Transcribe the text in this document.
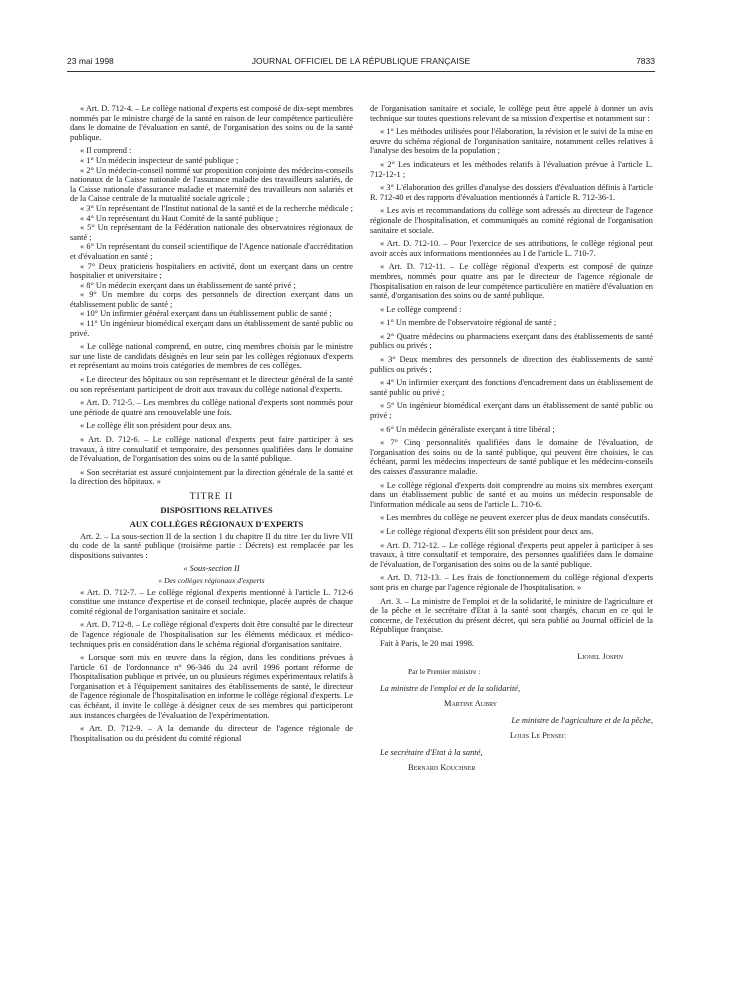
23 mai 1998	JOURNAL OFFICIEL DE LA RÉPUBLIQUE FRANÇAISE	7833

« Art. D. 712-4. – Le collège national d'experts est composé de dix-sept membres nommés par le ministre chargé de la santé en raison de leur compétence particulière dans le domaine de l'évaluation en santé, de l'organisation des soins ou de la santé publique.

« Il comprend :

« 1° Un médecin inspecteur de santé publique ;

« 2° Un médecin-conseil nommé sur proposition conjointe des médecins-conseils nationaux de la Caisse nationale de l'assurance maladie des travailleurs salariés, de la Caisse nationale d'assurance maladie et maternité des travailleurs non salariés et de la Caisse centrale de la mutualité sociale agricole ;

« 3° Un représentant de l'Institut national de la santé et de la recherche médicale ;

« 4° Un représentant du Haut Comité de la santé publique ;

« 5° Un représentant de la Fédération nationale des observatoires régionaux de santé ;

« 6° Un représentant du conseil scientifique de l'Agence nationale d'accréditation et d'évaluation en santé ;

« 7° Deux praticiens hospitaliers en activité, dont un exerçant dans un centre hospitalier et universitaire ;

« 8° Un médecin exerçant dans un établissement de santé privé ;

« 9° Un membre du corps des personnels de direction exerçant dans un établissement public de santé ;

« 10° Un infirmier général exerçant dans un établissement public de santé ;

« 11° Un ingénieur biomédical exerçant dans un établissement de santé public ou privé.

« Le collège national comprend, en outre, cinq membres choisis par le ministre sur une liste de candidats désignés en leur sein par les collèges régionaux d'experts et représentant au moins trois catégories de membres de ces collèges.

« Le directeur des hôpitaux ou son représentant et le directeur général de la santé ou son représentant participent de droit aux travaux du collège national d'experts.

« Art. D. 712-5. – Les membres du collège national d'experts sont nommés pour une période de quatre ans renouvelable une fois.

« Le collège élit son président pour deux ans.

« Art. D. 712-6. – Le collège national d'experts peut faire participer à ses travaux, à titre consultatif et temporaire, des personnes qualifiées dans le domaine de l'évaluation, de l'organisation des soins ou de la santé publique.

« Son secrétariat est assuré conjointement par la direction générale de la santé et la direction des hôpitaux. »

TITRE II

DISPOSITIONS RELATIVES

AUX COLLÈGES RÉGIONAUX D'EXPERTS

Art. 2. – La sous-section II de la section 1 du chapitre II du titre 1er du livre VII du code de la santé publique (troisième partie : Décrets) est remplacée par les dispositions suivantes :

« Sous-section II
« Des collèges régionaux d'experts

« Art. D. 712-7. – Le collège régional d'experts mentionné à l'article L. 712-6 constitue une instance d'expertise et de conseil technique, placée auprès de chaque comité régional de l'organisation sanitaire et sociale.

« Art. D. 712-8. – Le collège régional d'experts doit être consulté par le directeur de l'agence régionale de l'hospitalisation sur les éléments médicaux et médico-techniques pris en considération dans le schéma régional d'organisation sanitaire.

« Lorsque sont mis en œuvre dans la région, dans les conditions prévues à l'article 61 de l'ordonnance n° 96-346 du 24 avril 1996 portant réforme de l'hospitalisation publique et privée, un ou plusieurs régimes expérimentaux relatifs à l'organisation et à l'équipement sanitaires des établissements de santé, le directeur de l'agence régionale de l'hospitalisation en informe le collège régional d'experts. Le cas échéant, il invite le collège à désigner ceux de ses membres qui participeront aux instances chargées de l'évaluation de l'expérimentation.

« Art. D. 712-9. – A la demande du directeur de l'agence régionale de l'hospitalisation ou du président du comité régional

de l'organisation sanitaire et sociale, le collège peut être appelé à donner un avis technique sur toutes questions relevant de sa mission d'expertise et notamment sur :

« 1° Les méthodes utilisées pour l'élaboration, la révision et le suivi de la mise en œuvre du schéma régional de l'organisation sanitaire, notamment celles relatives à l'analyse des besoins de la population ;

« 2° Les indicateurs et les méthodes relatifs à l'évaluation prévue à l'article L. 712-12-1 ;

« 3° L'élaboration des grilles d'analyse des dossiers d'évaluation définis à l'article R. 712-40 et des rapports d'évaluation mentionnés à l'article R. 712-36-1.

« Les avis et recommandations du collège sont adressés au directeur de l'agence régionale de l'hospitalisation, et communiqués au comité régional de l'organisation sanitaire et sociale.

« Art. D. 712-10. – Pour l'exercice de ses attributions, le collège régional peut avoir accès aux informations mentionnées au I de l'article L. 710-7.

« Art. D. 712-11. – Le collège régional d'experts est composé de quinze membres, nommés pour quatre ans par le directeur de l'agence régionale de l'hospitalisation en raison de leur compétence particulière en matière d'évaluation en santé, d'organisation des soins ou de santé publique.

« Le collège comprend :

« 1° Un membre de l'observatoire régional de santé ;

« 2° Quatre médecins ou pharmaciens exerçant dans des établissements de santé publics ou privés ;

« 3° Deux membres des personnels de direction des établissements de santé publics ou privés ;

« 4° Un infirmier exerçant des fonctions d'encadrement dans un établissement de santé public ou privé ;

« 5° Un ingénieur biomédical exerçant dans un établissement de santé public ou privé ;

« 6° Un médecin généraliste exerçant à titre libéral ;

« 7° Cinq personnalités qualifiées dans le domaine de l'évaluation, de l'organisation des soins ou de la santé publique, qui peuvent être choisies, le cas échéant, parmi les médecins inspecteurs de santé publique et les médecins-conseils des caisses d'assurance maladie.

« Le collège régional d'experts doit comprendre au moins six membres exerçant dans un établissement public de santé et au moins un médecin responsable de l'information médicale au sens de l'article L. 710-6.

« Les membres du collège ne peuvent exercer plus de deux mandats consécutifs.

« Le collège régional d'experts élit son président pour deux ans.

« Art. D. 712-12. – Le collège régional d'experts peut appeler à participer à ses travaux, à titre consultatif et temporaire, des personnes qualifiées dans le domaine de l'évaluation, de l'organisation des soins ou de la santé publique.

« Art. D. 712-13. – Les frais de fonctionnement du collège régional d'experts sont pris en charge par l'agence régionale de l'hospitalisation. »

Art. 3. – La ministre de l'emploi et de la solidarité, le ministre de l'agriculture et de la pêche et le secrétaire d'Etat à la santé sont chargés, chacun en ce qui le concerne, de l'exécution du présent décret, qui sera publié au Journal officiel de la République française.

Fait à Paris, le 20 mai 1998.

Lionel Jospin

Par le Premier ministre :

La ministre de l'emploi et de la solidarité,

Martine Aubry

Le ministre de l'agriculture et de la pêche,

Louis Le Pensec

Le secrétaire d'Etat à la santé,

Bernard Kouchner
